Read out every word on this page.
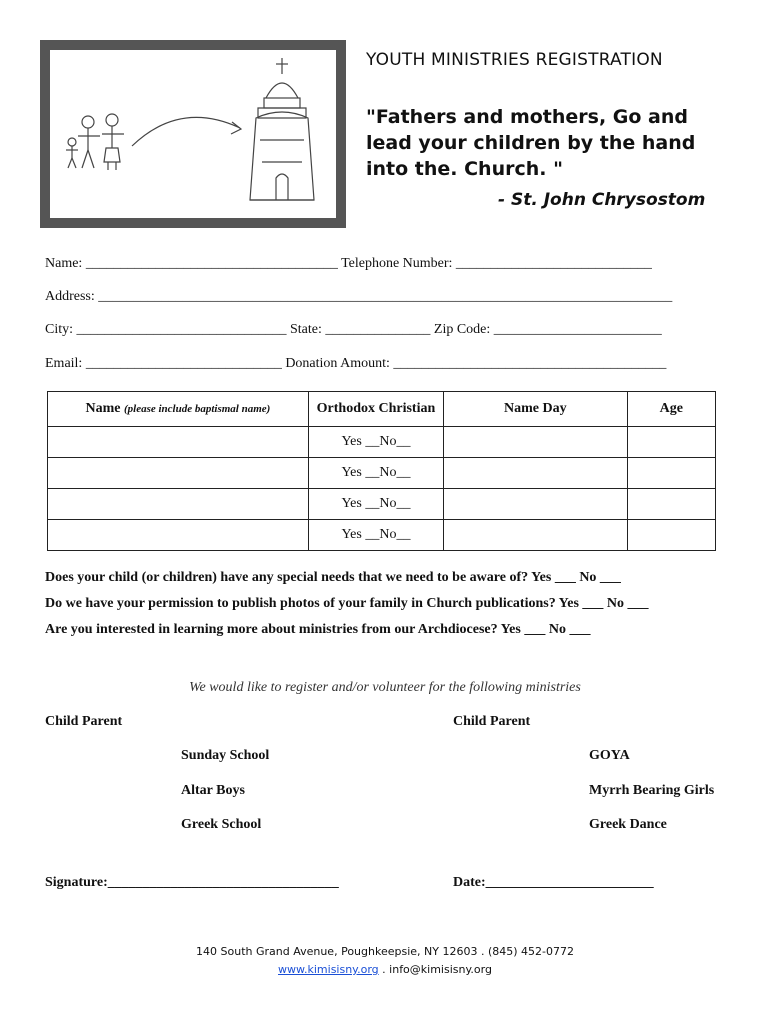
YOUTH MINISTRIES REGISTRATION
"Fathers and mothers, Go and lead your children by the hand into the. Church. "
- St. John Chrysostom
Name: ____________________________________ Telephone Number: ____________________________
Address: __________________________________________________________________________________
City: ______________________________ State: _______________ Zip Code: ________________________
Email: ____________________________ Donation Amount: _______________________________________
Name (please include baptismal name)	Orthodox Christian	Name Day	Age
	Yes __No__		
	Yes __No__		
	Yes __No__		
	Yes __No__		
Does your child (or children) have any special needs that we need to be aware of? Yes ___ No ___
Do we have your permission to publish photos of your family in Church publications? Yes ___ No ___
Are you interested in learning more about ministries from our Archdiocese? Yes ___ No ___
We would like to register and/or volunteer for the following ministries
Child Parent	Child Parent
Sunday School
Altar Boys
Greek School
GOYA
Myrrh Bearing Girls
Greek Dance
Signature:_________________________________	Date:________________________
140 South Grand Avenue, Poughkeepsie, NY 12603 . (845) 452-0772
www.kimisisny.org . info@kimisisny.org
